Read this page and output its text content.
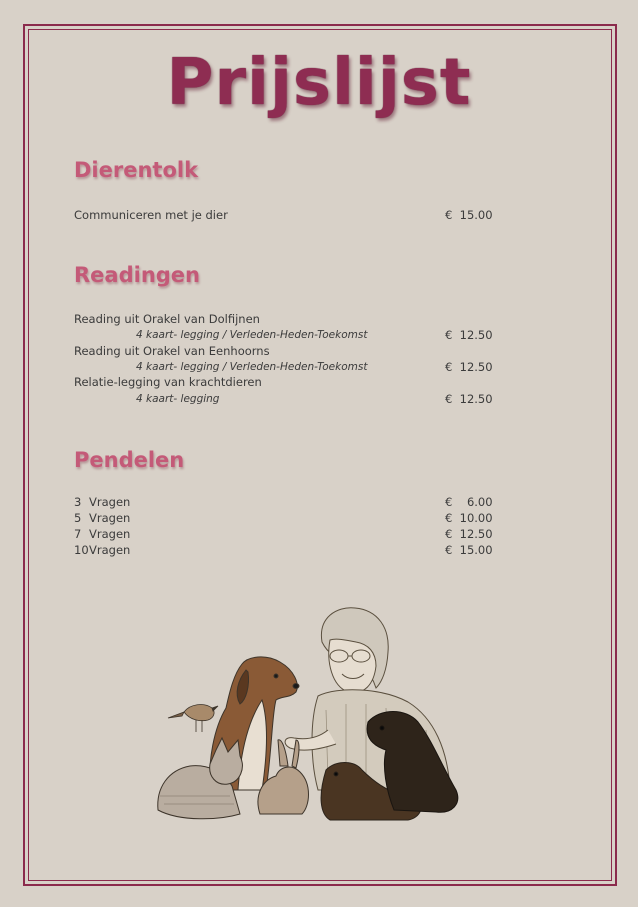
Prijslijst
Dierentolk
Communiceren met je dier	€ 15.00
Readingen
Reading uit Orakel van Dolfijnen
4 kaart- legging / Verleden-Heden-Toekomst	€ 12.50
Reading uit Orakel van Eenhoorns
4 kaart- legging / Verleden-Heden-Toekomst	€ 12.50
Relatie-legging van krachtdieren
4 kaart- legging	€ 12.50
Pendelen
3 Vragen	€ 6.00
5 Vragen	€ 10.00
7 Vragen	€ 12.50
10 Vragen	€ 15.00
